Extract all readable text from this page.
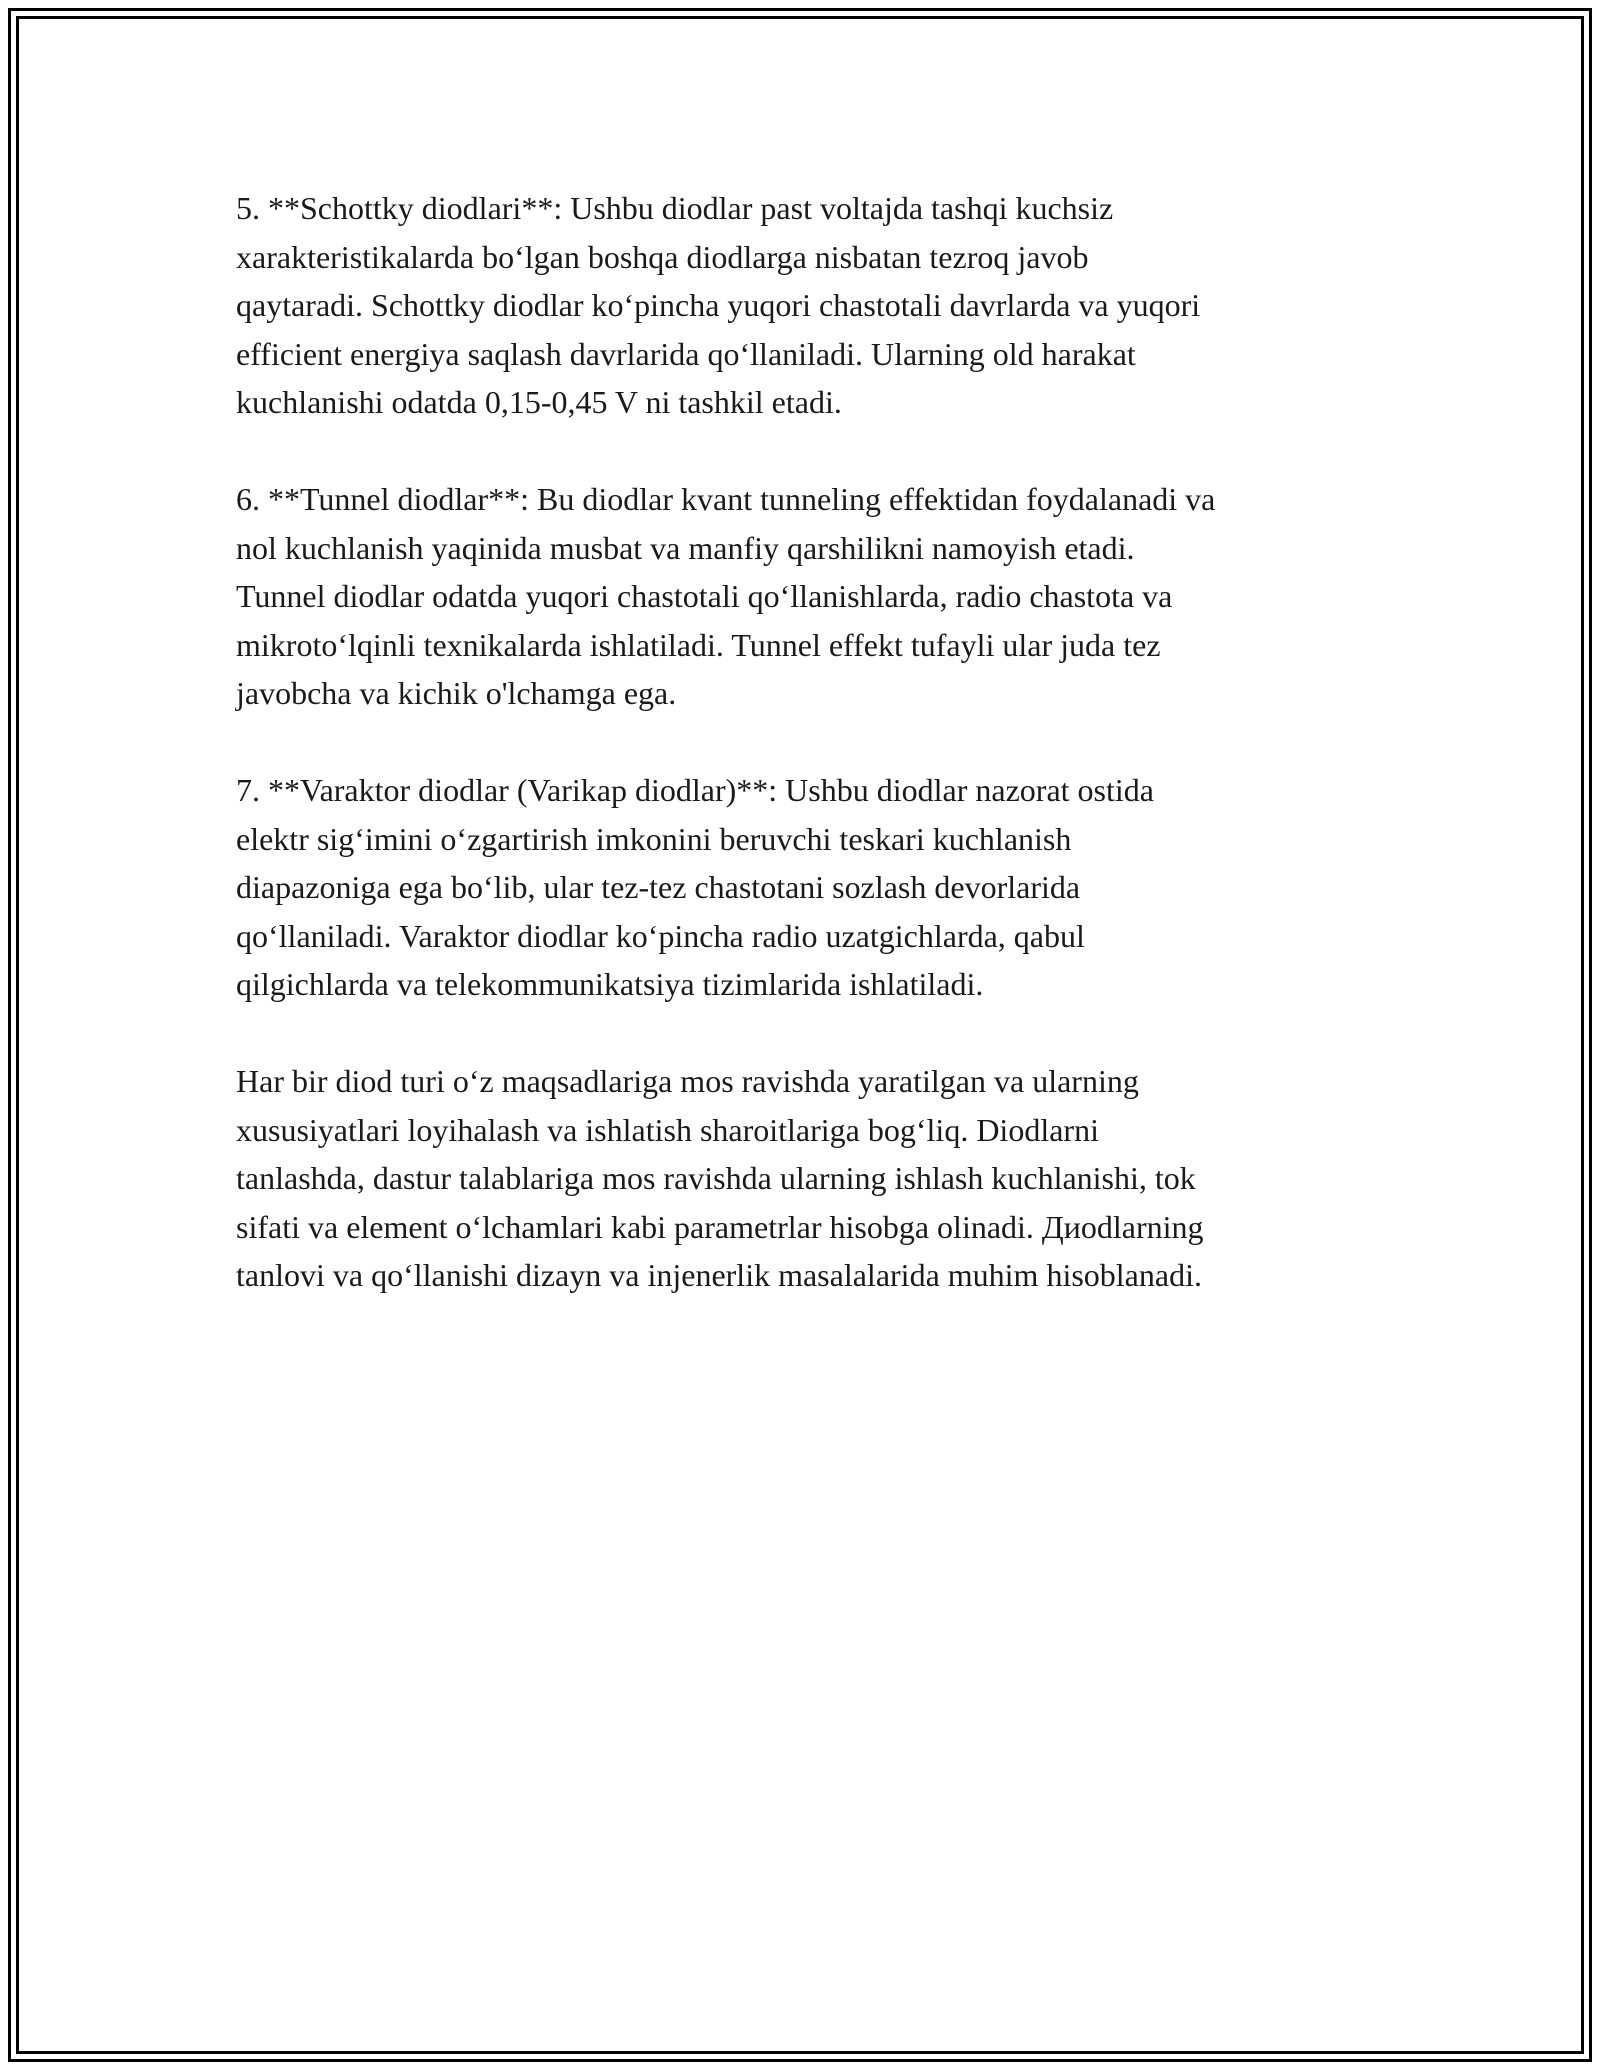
5. **Schottky diodlari**: Ushbu diodlar past voltajda tashqi kuchsiz
xarakteristikalarda bo‘lgan boshqa diodlarga nisbatan tezroq javob
qaytaradi. Schottky diodlar ko‘pincha yuqori chastotali davrlarda va yuqori
efficient energiya saqlash davrlarida qo‘llaniladi. Ularning old harakat
kuchlanishi odatda 0,15-0,45 V ni tashkil etadi.

6. **Tunnel diodlar**: Bu diodlar kvant tunneling effektidan foydalanadi va
nol kuchlanish yaqinida musbat va manfiy qarshilikni namoyish etadi.
Tunnel diodlar odatda yuqori chastotali qo‘llanishlarda, radio chastota va
mikroto‘lqinli texnikalarda ishlatiladi. Tunnel effekt tufayli ular juda tez
javobcha va kichik o'lchamga ega.

7. **Varaktor diodlar (Varikap diodlar)**: Ushbu diodlar nazorat ostida
elektr sig‘imini o‘zgartirish imkonini beruvchi teskari kuchlanish
diapazoniga ega bo‘lib, ular tez-tez chastotani sozlash devorlarida
qo‘llaniladi. Varaktor diodlar ko‘pincha radio uzatgichlarda, qabul
qilgichlarda va telekommunikatsiya tizimlarida ishlatiladi.

Har bir diod turi o‘z maqsadlariga mos ravishda yaratilgan va ularning
xususiyatlari loyihalash va ishlatish sharoitlariga bog‘liq. Diodlarni
tanlashda, dastur talablariga mos ravishda ularning ishlash kuchlanishi, tok
sifati va element o‘lchamlari kabi parametrlar hisobga olinadi. Диodlarning
tanlovi va qo‘llanishi dizayn va injenerlik masalalarida muhim hisoblanadi.
